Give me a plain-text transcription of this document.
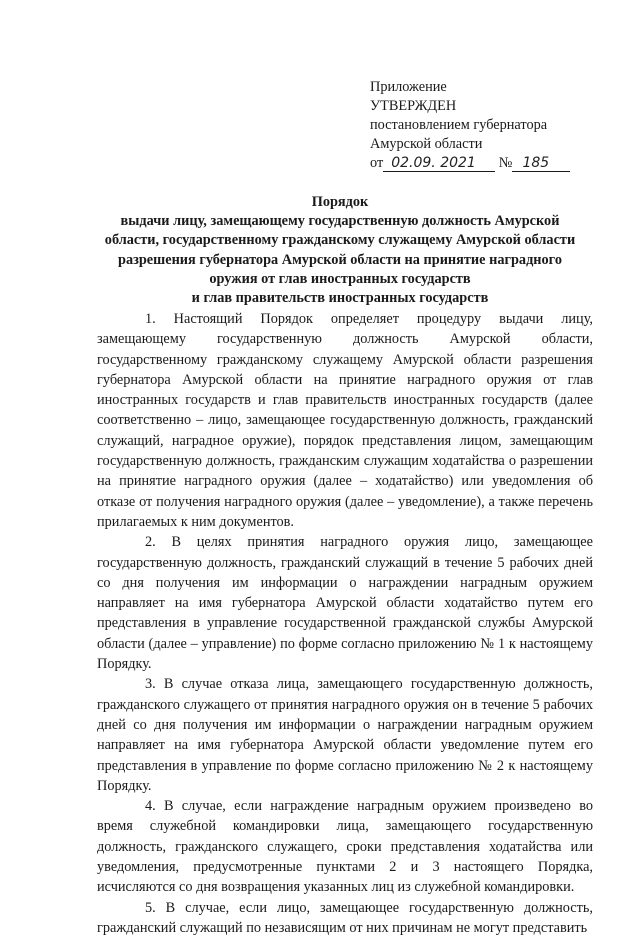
Приложение
УТВЕРЖДЕН
постановлением губернатора
Амурской области
от 02.09. 2021 № 185
Порядок
выдачи лицу, замещающему государственную должность Амурской
области, государственному гражданскому служащему Амурской области
разрешения губернатора Амурской области на принятие наградного
оружия от глав иностранных государств
и глав правительств иностранных государств

1. Настоящий Порядок определяет процедуру выдачи лицу, замещающему государственную должность Амурской области, государственному гражданскому служащему Амурской области разрешения губернатора Амурской области на принятие наградного оружия от глав иностранных государств и глав правительств иностранных государств (далее соответственно – лицо, замещающее государственную должность, гражданский служащий, наградное оружие), порядок представления лицом, замещающим государственную должность, гражданским служащим ходатайства о разрешении на принятие наградного оружия (далее – ходатайство) или уведомления об отказе от получения наградного оружия (далее – уведомление), а также перечень прилагаемых к ним документов.

2. В целях принятия наградного оружия лицо, замещающее государственную должность, гражданский служащий в течение 5 рабочих дней со дня получения им информации о награждении наградным оружием направляет на имя губернатора Амурской области ходатайство путем его представления в управление государственной гражданской службы Амурской области (далее – управление) по форме согласно приложению № 1 к настоящему Порядку.

3. В случае отказа лица, замещающего государственную должность, гражданского служащего от принятия наградного оружия он в течение 5 рабочих дней со дня получения им информации о награждении наградным оружием направляет на имя губернатора Амурской области уведомление путем его представления в управление по форме согласно приложению № 2 к настоящему Порядку.

4. В случае, если награждение наградным оружием произведено во время служебной командировки лица, замещающего государственную должность, гражданского служащего, сроки представления ходатайства или уведомления, предусмотренные пунктами 2 и 3 настоящего Порядка, исчисляются со дня возвращения указанных лиц из служебной командировки.

5. В случае, если лицо, замещающее государственную должность, гражданский служащий по независящим от них причинам не могут представить
